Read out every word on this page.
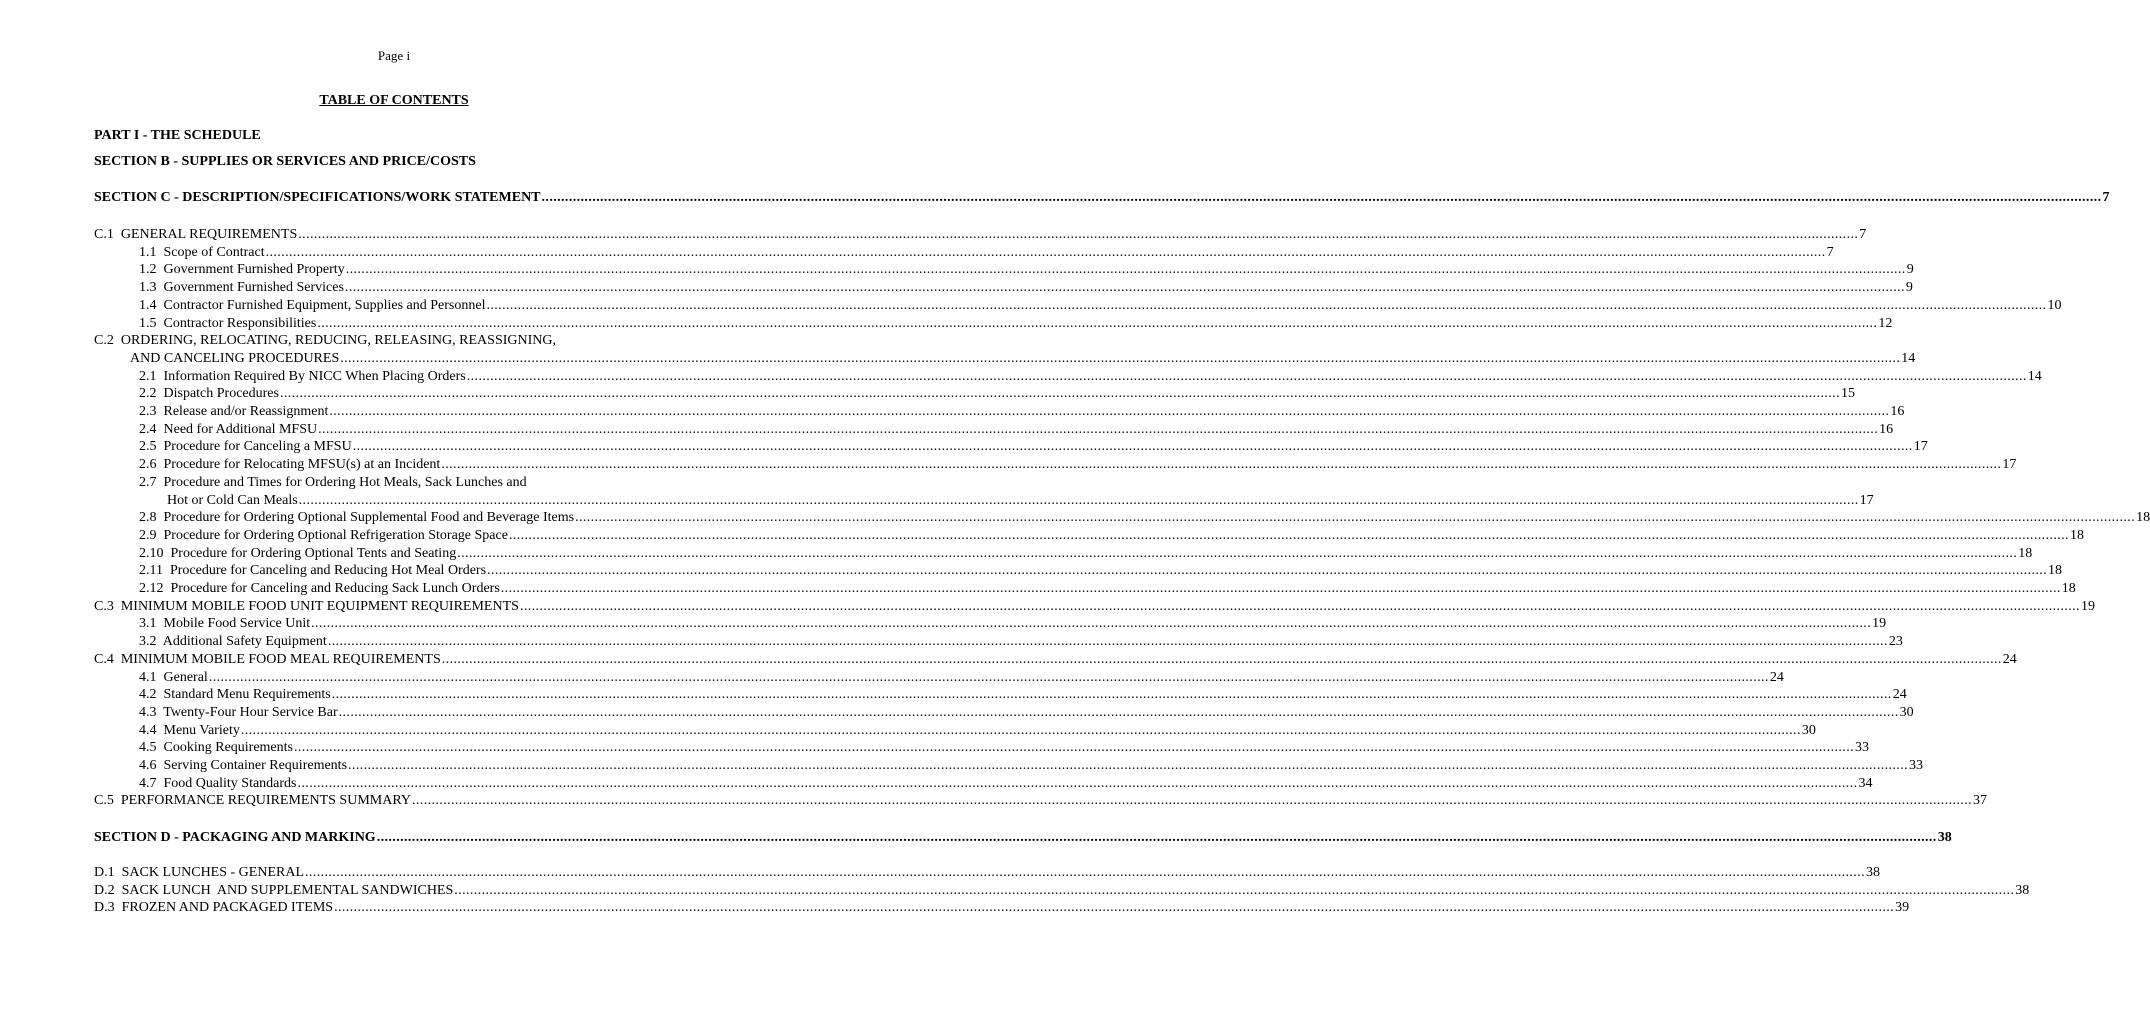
Page i
TABLE OF CONTENTS
PART I - THE SCHEDULE
SECTION B - SUPPLIES OR SERVICES AND PRICE/COSTS
SECTION C - DESCRIPTION/SPECIFICATIONS/WORK STATEMENT ................................................................................................................................................................................................................................................................................................................................................................................................................ 7
C.1  GENERAL REQUIREMENTS ................................................................................................................................................................................................................................................................................................................................................................................................................ 7
1.1  Scope of Contract ................................................................................................................................................................................................................................................................................................................................................................................................................ 7
1.2  Government Furnished Property ................................................................................................................................................................................................................................................................................................................................................................................................................ 9
1.3  Government Furnished Services ................................................................................................................................................................................................................................................................................................................................................................................................................ 9
1.4  Contractor Furnished Equipment, Supplies and Personnel ................................................................................................................................................................................................................................................................................................................................................................................................................ 10
1.5  Contractor Responsibilities ................................................................................................................................................................................................................................................................................................................................................................................................................ 12
C.2  ORDERING, RELOCATING, REDUCING, RELEASING, REASSIGNING,
AND CANCELING PROCEDURES ................................................................................................................................................................................................................................................................................................................................................................................................................ 14
2.1  Information Required By NICC When Placing Orders ................................................................................................................................................................................................................................................................................................................................................................................................................ 14
2.2  Dispatch Procedures ................................................................................................................................................................................................................................................................................................................................................................................................................ 15
2.3  Release and/or Reassignment ................................................................................................................................................................................................................................................................................................................................................................................................................ 16
2.4  Need for Additional MFSU ................................................................................................................................................................................................................................................................................................................................................................................................................ 16
2.5  Procedure for Canceling a MFSU ................................................................................................................................................................................................................................................................................................................................................................................................................ 17
2.6  Procedure for Relocating MFSU(s) at an Incident ................................................................................................................................................................................................................................................................................................................................................................................................................ 17
2.7  Procedure and Times for Ordering Hot Meals, Sack Lunches and
Hot or Cold Can Meals ................................................................................................................................................................................................................................................................................................................................................................................................................ 17
2.8  Procedure for Ordering Optional Supplemental Food and Beverage Items ................................................................................................................................................................................................................................................................................................................................................................................................................ 18
2.9  Procedure for Ordering Optional Refrigeration Storage Space ................................................................................................................................................................................................................................................................................................................................................................................................................ 18
2.10  Procedure for Ordering Optional Tents and Seating ................................................................................................................................................................................................................................................................................................................................................................................................................ 18
2.11  Procedure for Canceling and Reducing Hot Meal Orders ................................................................................................................................................................................................................................................................................................................................................................................................................ 18
2.12  Procedure for Canceling and Reducing Sack Lunch Orders ................................................................................................................................................................................................................................................................................................................................................................................................................ 18
C.3  MINIMUM MOBILE FOOD UNIT EQUIPMENT REQUIREMENTS ................................................................................................................................................................................................................................................................................................................................................................................................................ 19
3.1  Mobile Food Service Unit ................................................................................................................................................................................................................................................................................................................................................................................................................ 19
3.2  Additional Safety Equipment ................................................................................................................................................................................................................................................................................................................................................................................................................ 23
C.4  MINIMUM MOBILE FOOD MEAL REQUIREMENTS ................................................................................................................................................................................................................................................................................................................................................................................................................ 24
4.1  General ................................................................................................................................................................................................................................................................................................................................................................................................................ 24
4.2  Standard Menu Requirements ................................................................................................................................................................................................................................................................................................................................................................................................................ 24
4.3  Twenty-Four Hour Service Bar ................................................................................................................................................................................................................................................................................................................................................................................................................ 30
4.4  Menu Variety ................................................................................................................................................................................................................................................................................................................................................................................................................ 30
4.5  Cooking Requirements ................................................................................................................................................................................................................................................................................................................................................................................................................ 33
4.6  Serving Container Requirements ................................................................................................................................................................................................................................................................................................................................................................................................................ 33
4.7  Food Quality Standards ................................................................................................................................................................................................................................................................................................................................................................................................................ 34
C.5  PERFORMANCE REQUIREMENTS SUMMARY ................................................................................................................................................................................................................................................................................................................................................................................................................ 37
SECTION D - PACKAGING AND MARKING ................................................................................................................................................................................................................................................................................................................................................................................................................ 38
D.1  SACK LUNCHES - GENERAL ................................................................................................................................................................................................................................................................................................................................................................................................................ 38
D.2  SACK LUNCH  AND SUPPLEMENTAL SANDWICHES ................................................................................................................................................................................................................................................................................................................................................................................................................ 38
D.3  FROZEN AND PACKAGED ITEMS ................................................................................................................................................................................................................................................................................................................................................................................................................ 39
